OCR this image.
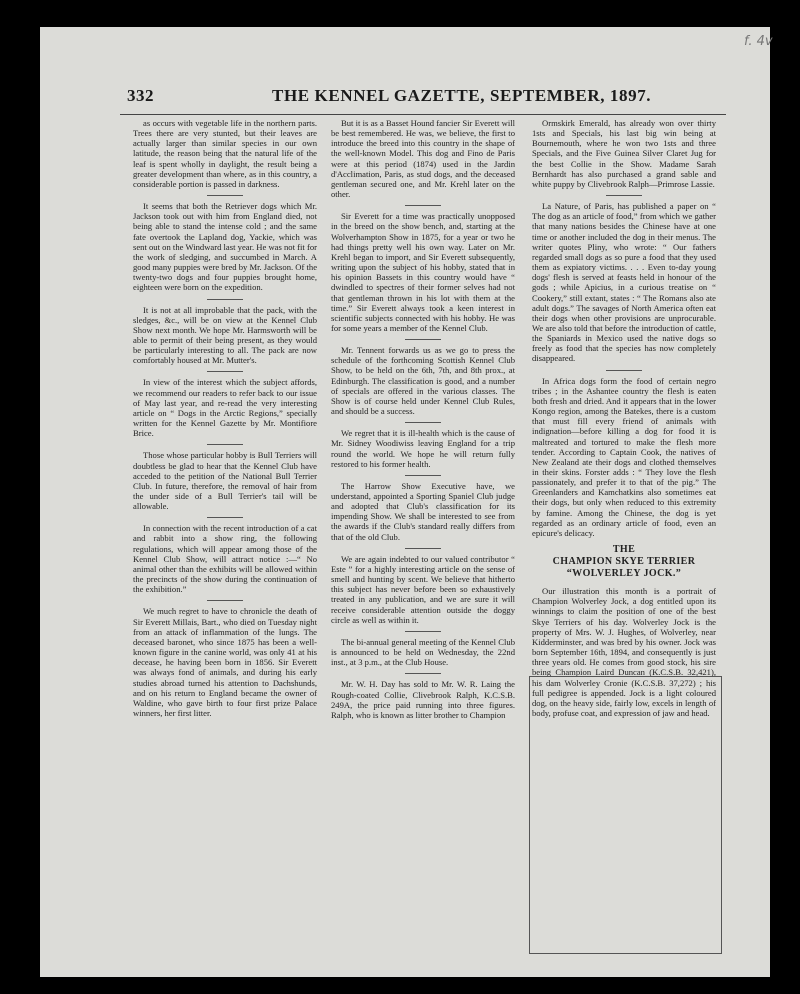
f. 4v
332	THE KENNEL GAZETTE, SEPTEMBER, 1897.

as occurs with vegetable life in the northern parts. Trees there are very stunted, but their leaves are actually larger than similar species in our own latitude, the reason being that the natural life of the leaf is spent wholly in daylight, the result being a greater development than where, as in this country, a considerable portion is passed in darkness.

It seems that both the Retriever dogs which Mr. Jackson took out with him from England died, not being able to stand the intense cold ; and the same fate overtook the Lapland dog, Yackie, which was sent out on the Windward last year. He was not fit for the work of sledging, and succumbed in March. A good many puppies were bred by Mr. Jackson. Of the twenty-two dogs and four puppies brought home, eighteen were born on the expedition.

It is not at all improbable that the pack, with the sledges, &c., will be on view at the Kennel Club Show next month. We hope Mr. Harmsworth will be able to permit of their being present, as they would be particularly interesting to all. The pack are now comfortably housed at Mr. Mutter's.

In view of the interest which the subject affords, we recommend our readers to refer back to our issue of May last year, and re-read the very interesting article on “ Dogs in the Arctic Regions,” specially written for the Kennel Gazette by Mr. Montifiore Brice.

Those whose particular hobby is Bull Terriers will doubtless be glad to hear that the Kennel Club have acceded to the petition of the National Bull Terrier Club. In future, therefore, the removal of hair from the under side of a Bull Terrier's tail will be allowable.

In connection with the recent introduction of a cat and rabbit into a show ring, the following regulations, which will appear among those of the Kennel Club Show, will attract notice :—“ No animal other than the exhibits will be allowed within the precincts of the show during the continuation of the exhibition.”

We much regret to have to chronicle the death of Sir Everett Millais, Bart., who died on Tuesday night from an attack of inflammation of the lungs. The deceased baronet, who since 1875 has been a well-known figure in the canine world, was only 41 at his decease, he having been born in 1856. Sir Everett was always fond of animals, and during his early studies abroad turned his attention to Dachshunds, and on his return to England became the owner of Waldine, who gave birth to four first prize Palace winners, her first litter.

But it is as a Basset Hound fancier Sir Everett will be best remembered. He was, we believe, the first to introduce the breed into this country in the shape of the well-known Model. This dog and Fino de Paris were at this period (1874) used in the Jardin d'Acclimation, Paris, as stud dogs, and the deceased gentleman secured one, and Mr. Krehl later on the other.

Sir Everett for a time was practically unopposed in the breed on the show bench, and, starting at the Wolverhampton Show in 1875, for a year or two he had things pretty well his own way. Later on Mr. Krehl began to import, and Sir Everett subsequently, writing upon the subject of his hobby, stated that in his opinion Bassets in this country would have “ dwindled to spectres of their former selves had not that gentleman thrown in his lot with them at the time.” Sir Everett always took a keen interest in scientific subjects connected with his hobby. He was for some years a member of the Kennel Club.

Mr. Tennent forwards us as we go to press the schedule of the forthcoming Scottish Kennel Club Show, to be held on the 6th, 7th, and 8th prox., at Edinburgh. The classification is good, and a number of specials are offered in the various classes. The Show is of course held under Kennel Club Rules, and should be a success.

We regret that it is ill-health which is the cause of Mr. Sidney Woodiwiss leaving England for a trip round the world. We hope he will return fully restored to his former health.

The Harrow Show Executive have, we understand, appointed a Sporting Spaniel Club judge and adopted that Club's classification for its impending Show. We shall be interested to see from the awards if the Club's standard really differs from that of the old Club.

We are again indebted to our valued contributor “ Este ” for a highly interesting article on the sense of smell and hunting by scent. We believe that hitherto this subject has never before been so exhaustively treated in any publication, and we are sure it will receive considerable attention outside the doggy circle as well as within it.

The bi-annual general meeting of the Kennel Club is announced to be held on Wednesday, the 22nd inst., at 3 p.m., at the Club House.

Mr. W. H. Day has sold to Mr. W. R. Laing the Rough-coated Collie, Clivebrook Ralph, K.C.S.B. 249A, the price paid running into three figures. Ralph, who is known as litter brother to Champion

Ormskirk Emerald, has already won over thirty 1sts and Specials, his last big win being at Bournemouth, where he won two 1sts and three Specials, and the Five Guinea Silver Claret Jug for the best Collie in the Show. Madame Sarah Bernhardt has also purchased a grand sable and white puppy by Clivebrook Ralph—Primrose Lassie.

La Nature, of Paris, has published a paper on “ The dog as an article of food,” from which we gather that many nations besides the Chinese have at one time or another included the dog in their menus. The writer quotes Pliny, who wrote: “ Our fathers regarded small dogs as so pure a food that they used them as expiatory victims. . . . Even to-day young dogs' flesh is served at feasts held in honour of the gods ; while Apicius, in a curious treatise on “ Cookery,” still extant, states : “ The Romans also ate adult dogs.” The savages of North America often eat their dogs when other provisions are unprocurable. We are also told that before the introduction of cattle, the Spaniards in Mexico used the native dogs so freely as food that the species has now completely disappeared.

In Africa dogs form the food of certain negro tribes ; in the Ashantee country the flesh is eaten both fresh and dried. And it appears that in the lower Kongo region, among the Batekes, there is a custom that must fill every friend of animals with indignation—before killing a dog for food it is maltreated and tortured to make the flesh more tender. According to Captain Cook, the natives of New Zealand ate their dogs and clothed themselves in their skins. Forster adds : “ They love the flesh passionately, and prefer it to that of the pig.” The Greenlanders and Kamchatkins also sometimes eat their dogs, but only when reduced to this extremity by famine. Among the Chinese, the dog is yet regarded as an ordinary article of food, even an epicure's delicacy.

THE
CHAMPION SKYE TERRIER
“WOLVERLEY JOCK.”

Our illustration this month is a portrait of Champion Wolverley Jock, a dog entitled upon its winnings to claim the position of one of the best Skye Terriers of his day. Wolverley Jock is the property of Mrs. W. J. Hughes, of Wolverley, near Kidderminster, and was bred by his owner. Jock was born September 16th, 1894, and consequently is just three years old. He comes from good stock, his sire being Champion Laird Duncan (K.C.S.B. 32,421), his dam Wolverley Cronie (K.C.S.B. 37,272) ; his full pedigree is appended. Jock is a light coloured dog, on the heavy side, fairly low, excels in length of body, profuse coat, and expression of jaw and head.
